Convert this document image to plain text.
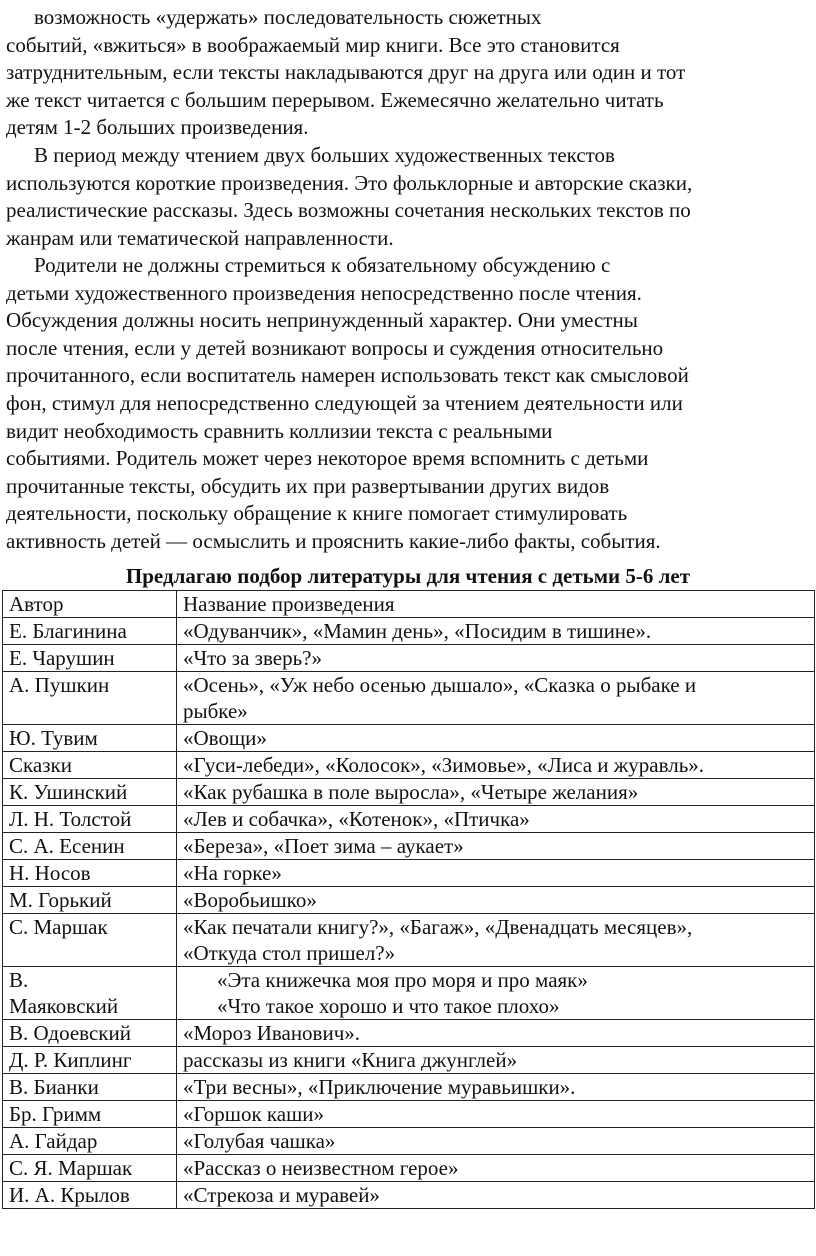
возможность «удержать» последовательность сюжетных
событий, «вжиться» в воображаемый мир книги. Все это становится
затруднительным, если тексты накладываются друг на друга или один и тот
же текст читается с большим перерывом. Ежемесячно желательно читать
детям 1-2 больших произведения.
В период между чтением двух больших художественных текстов
используются короткие произведения. Это фольклорные и авторские сказки,
реалистические рассказы. Здесь возможны сочетания нескольких текстов по
жанрам или тематической направленности.
Родители не должны стремиться к обязательному обсуждению с
детьми художественного произведения непосредственно после чтения.
Обсуждения должны носить непринужденный характер. Они уместны
после чтения, если у детей возникают вопросы и суждения относительно
прочитанного, если воспитатель намерен использовать текст как смысловой
фон, стимул для непосредственно следующей за чтением деятельности или
видит необходимость сравнить коллизии текста с реальными
событиями. Родитель может через некоторое время вспомнить с детьми
прочитанные тексты, обсудить их при развертывании других видов
деятельности, поскольку обращение к книге помогает стимулировать
активность детей — осмыслить и прояснить какие-либо факты, события.

Предлагаю подбор литературы для чтения с детьми 5-6 лет

Автор	Название произведения

Е. Благинина	«Одуванчик», «Мамин день», «Посидим в тишине».

Е. Чарушин	«Что за зверь?»

А. Пушкин	«Осень», «Уж небо осенью дышало», «Сказка о рыбаке и
рыбке»

Ю. Тувим	«Овощи»

Сказки	«Гуси-лебеди», «Колосок», «Зимовье», «Лиса и журавль».

К. Ушинский	«Как рубашка в поле выросла», «Четыре желания»

Л. Н. Толстой	«Лев и собачка», «Котенок», «Птичка»

С. А. Есенин	«Береза», «Поет зима – аукает»

Н. Носов	«На горке»

М. Горький	«Воробьишко»

С. Маршак	«Как печатали книгу?», «Багаж», «Двенадцать месяцев»,
«Откуда стол пришел?»

В.
Маяковский	«Эта книжечка моя про моря и про маяк»
«Что такое хорошо и что такое плохо»

В. Одоевский	«Мороз Иванович».

Д. Р. Киплинг	рассказы из книги «Книга джунглей»

В. Бианки	«Три весны», «Приключение муравьишки».

Бр. Гримм	«Горшок каши»

А. Гайдар	«Голубая чашка»

С. Я. Маршак	«Рассказ о неизвестном герое»

И. А. Крылов	«Стрекоза и муравей»
